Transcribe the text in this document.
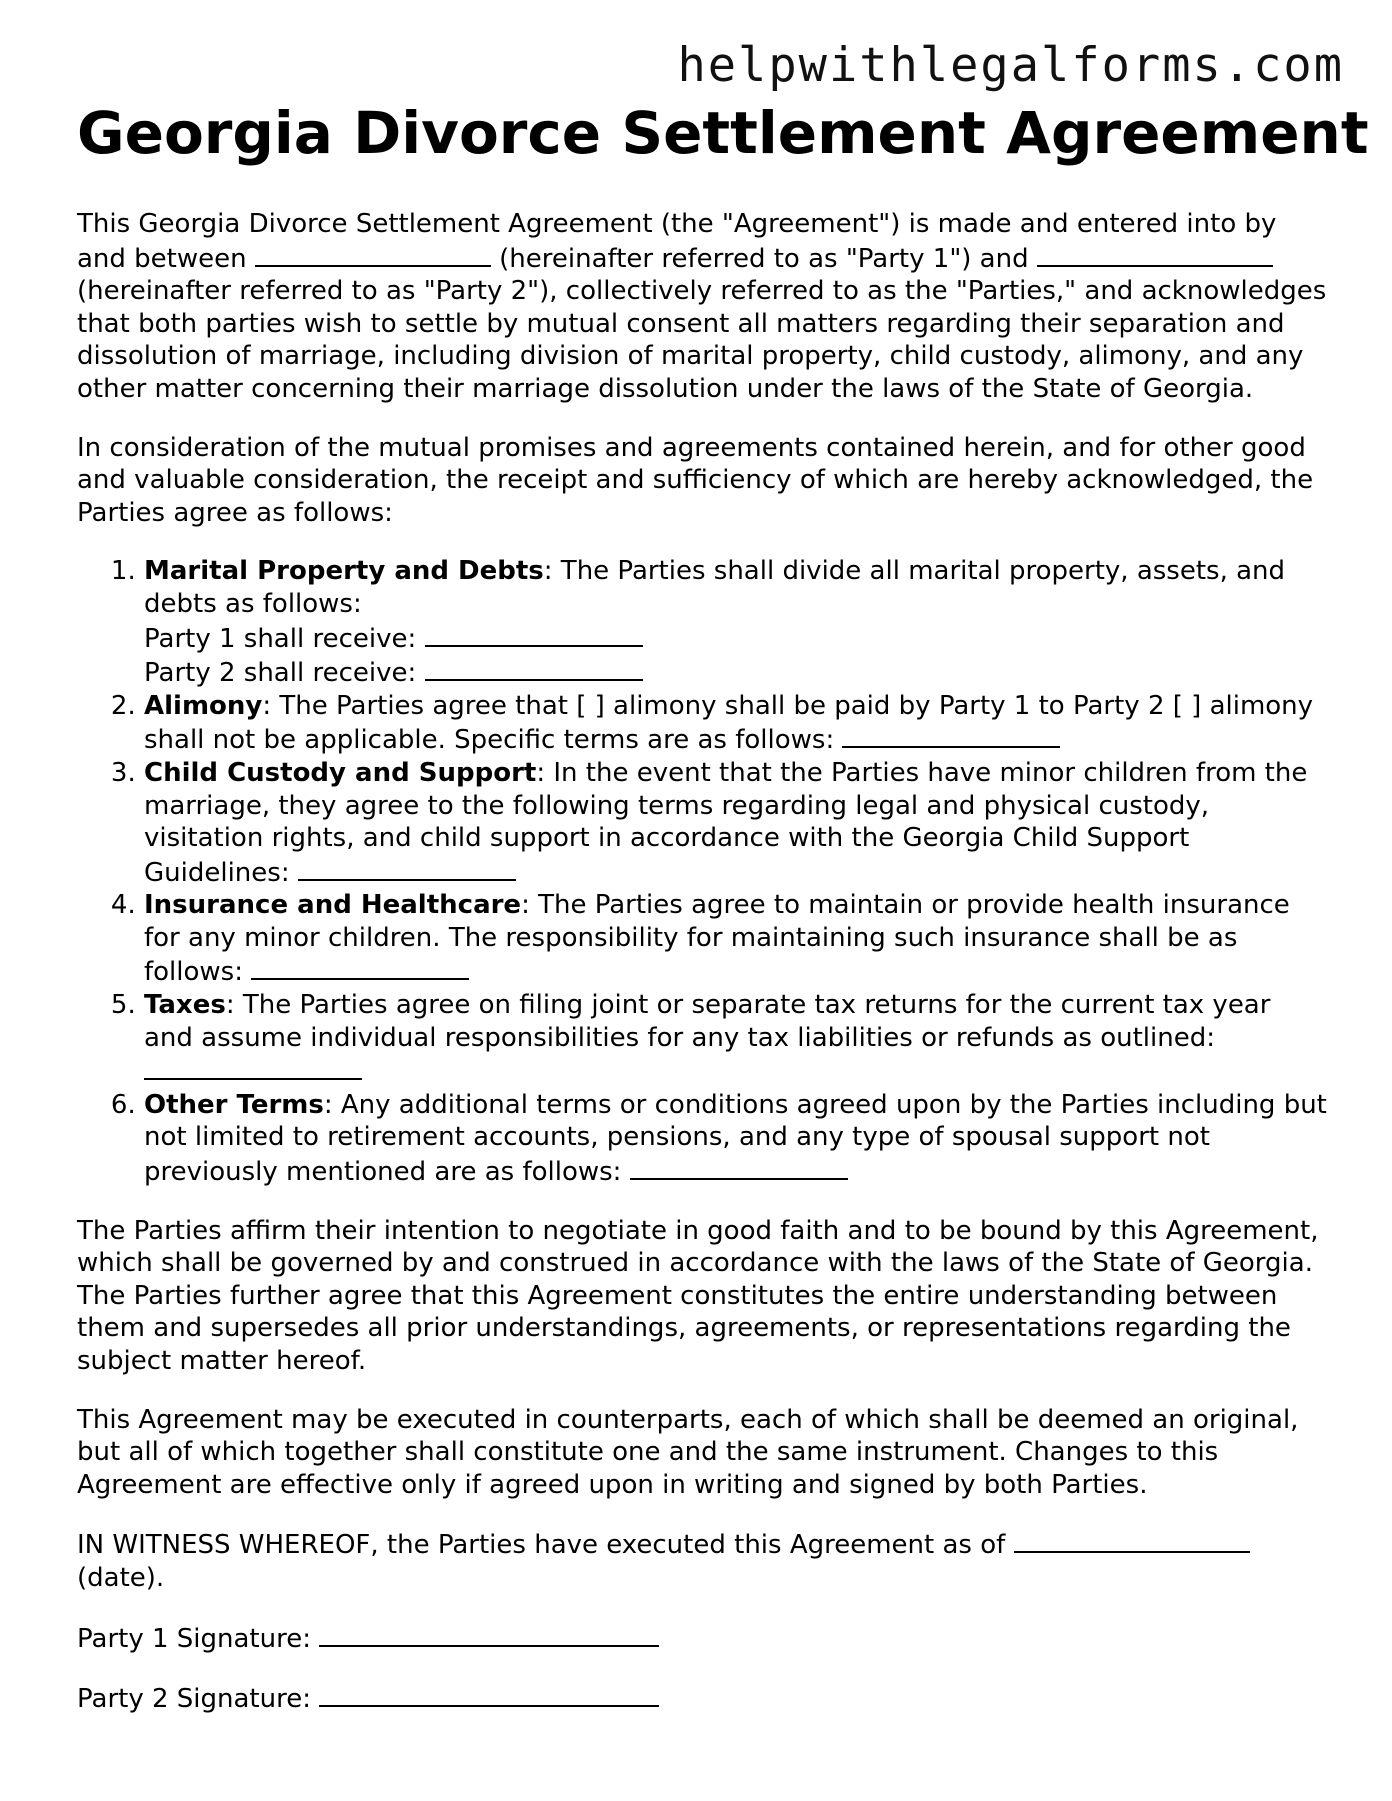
helpwithlegalforms.com
Georgia Divorce Settlement Agreement

This Georgia Divorce Settlement Agreement (the "Agreement") is made and entered into by and between	(hereinafter referred to as "Party 1") and  (hereinafter referred to as "Party 2"), collectively referred to as the "Parties," and acknowledges that both parties wish to settle by mutual consent all matters regarding their separation and dissolution of marriage, including division of marital property, child custody, alimony, and any other matter concerning their marriage dissolution under the laws of the State of Georgia.

In consideration of the mutual promises and agreements contained herein, and for other good and valuable consideration, the receipt and sufficiency of which are hereby acknowledged, the Parties agree as follows:

1. Marital Property and Debts: The Parties shall divide all marital property, assets, and debts as follows:
Party 1 shall receive:
Party 2 shall receive:
2. Alimony: The Parties agree that [ ] alimony shall be paid by Party 1 to Party 2 [ ] alimony shall not be applicable. Specific terms are as follows:
3. Child Custody and Support: In the event that the Parties have minor children from the marriage, they agree to the following terms regarding legal and physical custody, visitation rights, and child support in accordance with the Georgia Child Support Guidelines:
4. Insurance and Healthcare: The Parties agree to maintain or provide health insurance for any minor children. The responsibility for maintaining such insurance shall be as follows:
5. Taxes: The Parties agree on filing joint or separate tax returns for the current tax year and assume individual responsibilities for any tax liabilities or refunds as outlined:
6. Other Terms: Any additional terms or conditions agreed upon by the Parties including but not limited to retirement accounts, pensions, and any type of spousal support not previously mentioned are as follows:

The Parties affirm their intention to negotiate in good faith and to be bound by this Agreement, which shall be governed by and construed in accordance with the laws of the State of Georgia. The Parties further agree that this Agreement constitutes the entire understanding between them and supersedes all prior understandings, agreements, or representations regarding the subject matter hereof.

This Agreement may be executed in counterparts, each of which shall be deemed an original, but all of which together shall constitute one and the same instrument. Changes to this Agreement are effective only if agreed upon in writing and signed by both Parties.

IN WITNESS WHEREOF, the Parties have executed this Agreement as of  (date).

Party 1 Signature:

Party 2 Signature:
